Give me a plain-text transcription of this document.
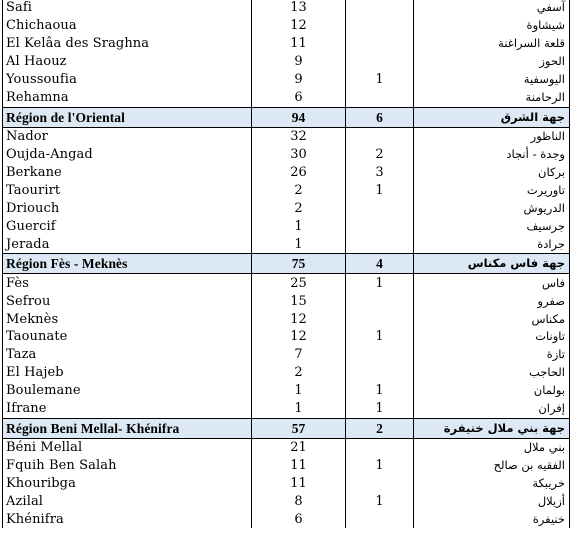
Safi	13		آسفي
Chichaoua	12		شيشاوة
El Kelâa des Sraghna	11		قلعة السراغنة
Al Haouz	9		الحوز
Youssoufia	9	1	اليوسفية
Rehamna	6		الرحامنة
Région de l'Oriental	94	6	جهة الشرق
Nador	32		الناظور
Oujda-Angad	30	2	وجدة - أنجاد
Berkane	26	3	بركان
Taourirt	2	1	تاوريرت
Driouch	2		الدريوش
Guercif	1		جرسيف
Jerada	1		جرادة
Région Fès - Meknès	75	4	جهة فاس مكناس
Fès	25	1	فاس
Sefrou	15		صفرو
Meknès	12		مكناس
Taounate	12	1	تاونات
Taza	7		تازة
El Hajeb	2		الحاجب
Boulemane	1	1	بولمان
Ifrane	1	1	إفران
Région Beni Mellal- Khénifra	57	2	جهة بني ملال خنيفرة
Béni Mellal	21		بني ملال
Fquih Ben Salah	11	1	الفقيه بن صالح
Khouribga	11		خريبكة
Azilal	8	1	أزيلال
Khénifra	6		خنيفرة
